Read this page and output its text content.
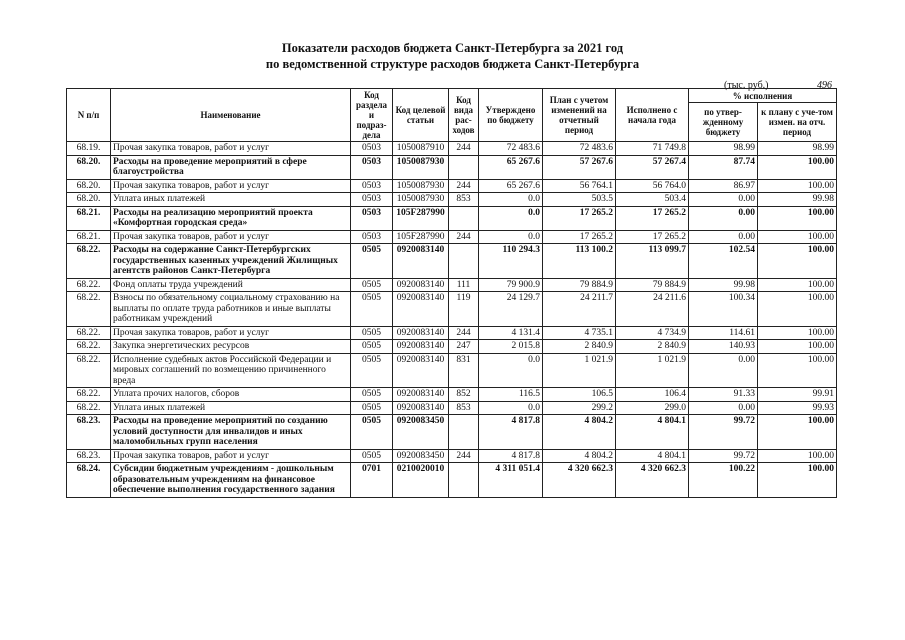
Показатели расходов бюджета Санкт-Петербурга за 2021 год
по ведомственной структуре расходов бюджета Санкт-Петербурга
(тыс. руб.)	496
N п/п	Наименование	Код раздела и подраз-дела	Код целевой статьи	Код вида рас-ходов	Утверждено по бюджету	План с учетом изменений на отчетный период	Исполнено с начала года	% исполнения	
								по утвер-жденному бюджету	к плану с уче-том измен. на отч. период
68.19.	Прочая закупка товаров, работ и услуг	0503	1050087910	244	72 483.6	72 483.6	71 749.8	98.99	98.99
68.20.	Расходы на проведение мероприятий в сфере благоустройства	0503	1050087930		65 267.6	57 267.6	57 267.4	87.74	100.00
68.20.	Прочая закупка товаров, работ и услуг	0503	1050087930	244	65 267.6	56 764.1	56 764.0	86.97	100.00
68.20.	Уплата иных платежей	0503	1050087930	853	0.0	503.5	503.4	0.00	99.98
68.21.	Расходы на реализацию мероприятий проекта «Комфортная городская среда»	0503	105F287990		0.0	17 265.2	17 265.2	0.00	100.00
68.21.	Прочая закупка товаров, работ и услуг	0503	105F287990	244	0.0	17 265.2	17 265.2	0.00	100.00
68.22.	Расходы на содержание Санкт-Петербургских государственных казенных учреждений Жилищных агентств районов Санкт-Петербурга	0505	0920083140		110 294.3	113 100.2	113 099.7	102.54	100.00
68.22.	Фонд оплаты труда учреждений	0505	0920083140	111	79 900.9	79 884.9	79 884.9	99.98	100.00
68.22.	Взносы по обязательному социальному страхованию на выплаты по оплате труда работников и иные выплаты работникам учреждений	0505	0920083140	119	24 129.7	24 211.7	24 211.6	100.34	100.00
68.22.	Прочая закупка товаров, работ и услуг	0505	0920083140	244	4 131.4	4 735.1	4 734.9	114.61	100.00
68.22.	Закупка энергетических ресурсов	0505	0920083140	247	2 015.8	2 840.9	2 840.9	140.93	100.00
68.22.	Исполнение судебных актов Российской Федерации и мировых соглашений по возмещению причиненного вреда	0505	0920083140	831	0.0	1 021.9	1 021.9	0.00	100.00
68.22.	Уплата прочих налогов, сборов	0505	0920083140	852	116.5	106.5	106.4	91.33	99.91
68.22.	Уплата иных платежей	0505	0920083140	853	0.0	299.2	299.0	0.00	99.93
68.23.	Расходы на проведение мероприятий по созданию условий доступности для инвалидов и иных маломобильных групп населения	0505	0920083450		4 817.8	4 804.2	4 804.1	99.72	100.00
68.23.	Прочая закупка товаров, работ и услуг	0505	0920083450	244	4 817.8	4 804.2	4 804.1	99.72	100.00
68.24.	Субсидии бюджетным учреждениям - дошкольным образовательным учреждениям на финансовое обеспечение выполнения государственного задания	0701	0210020010		4 311 051.4	4 320 662.3	4 320 662.3	100.22	100.00
